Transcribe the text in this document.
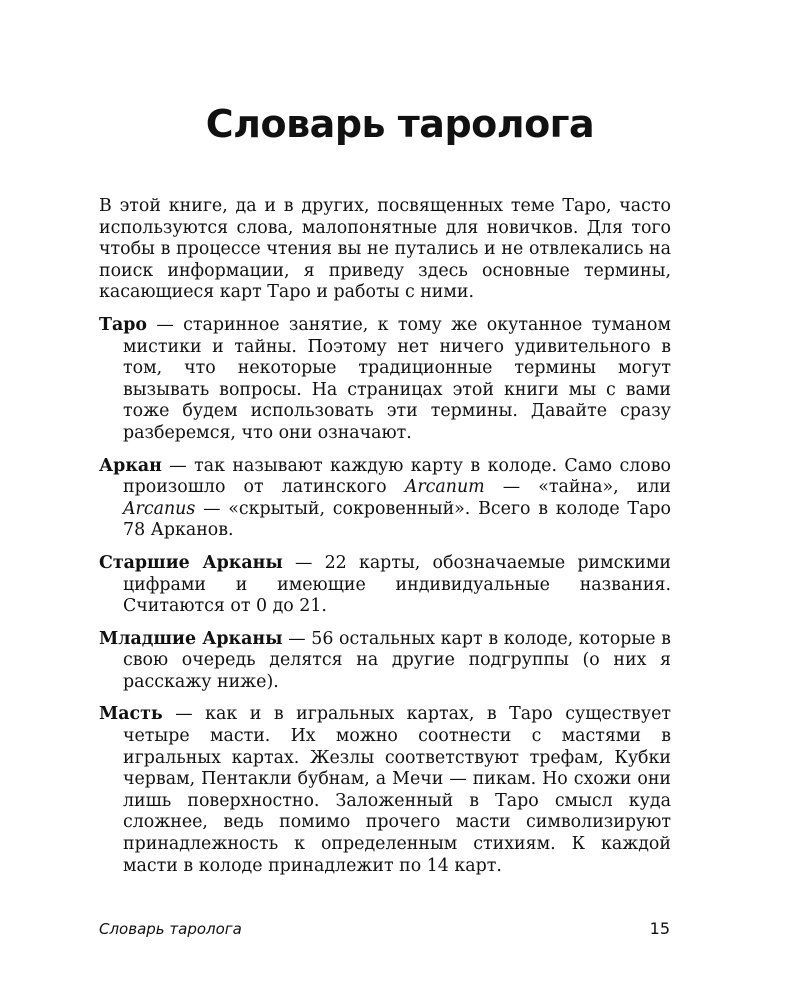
Словарь таролога

В этой книге, да и в других, посвященных теме Таро, часто используются слова, малопонятные для новичков. Для того чтобы в процессе чтения вы не путались и не отвлекались на поиск информации, я приведу здесь основные термины, касающиеся карт Таро и работы с ними.

Таро — старинное занятие, к тому же окутанное туманом мистики и тайны. Поэтому нет ничего удивительного в том, что некоторые традиционные термины могут вызывать вопросы. На страницах этой книги мы с вами тоже будем использовать эти термины. Давайте сразу разберемся, что они означают.

Аркан — так называют каждую карту в колоде. Само слово произошло от латинского Arcanum — «тайна», или Arcanus — «скрытый, сокровенный». Всего в колоде Таро 78 Арканов.

Старшие Арканы — 22 карты, обозначаемые римскими цифрами и имеющие индивидуальные названия. Считаются от 0 до 21.

Младшие Арканы — 56 остальных карт в колоде, которые в свою очередь делятся на другие подгруппы (о них я расскажу ниже).

Масть — как и в игральных картах, в Таро существует четыре масти. Их можно соотнести с мастями в игральных картах. Жезлы соответствуют трефам, Кубки червам, Пентакли бубнам, а Мечи — пикам. Но схожи они лишь поверхностно. Заложенный в Таро смысл куда сложнее, ведь помимо прочего масти символизируют принадлежность к определенным стихиям. К каждой масти в колоде принадлежит по 14 карт.

Словарь таролога	15
